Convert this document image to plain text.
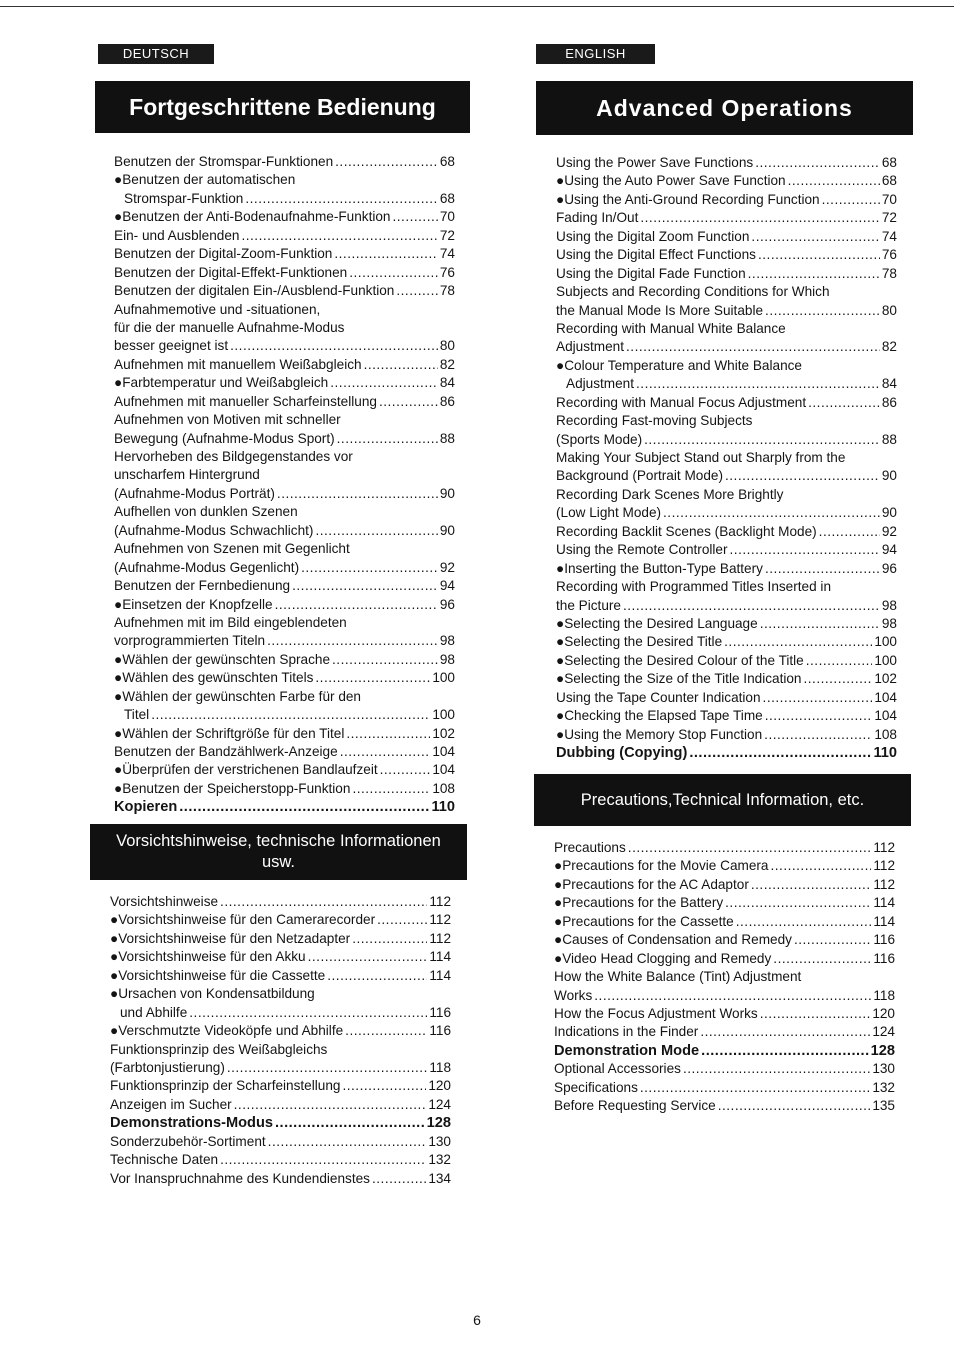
DEUTSCH
Fortgeschrittene Bedienung
Benutzen der Stromspar-Funktionen .....	68
●Benutzen der automatischen
Stromspar-Funktion .....	68
●Benutzen der Anti-Bodenaufnahme-Funktion .....	70
Ein- und Ausblenden .....	72
Benutzen der Digital-Zoom-Funktion .....	74
Benutzen der Digital-Effekt-Funktionen .....	76
Benutzen der digitalen Ein-/Ausblend-Funktion .....	78
Aufnahmemotive und -situationen,
für die der manuelle Aufnahme-Modus
besser geeignet ist .....	80
Aufnehmen mit manuellem Weißabgleich .....	82
●Farbtemperatur und Weißabgleich .....	84
Aufnehmen mit manueller Scharfeinstellung .....	86
Aufnehmen von Motiven mit schneller
Bewegung (Aufnahme-Modus Sport) .....	88
Hervorheben des Bildgegenstandes vor
unscharfem Hintergrund
(Aufnahme-Modus Porträt) .....	90
Aufhellen von dunklen Szenen
(Aufnahme-Modus Schwachlicht) .....	90
Aufnehmen von Szenen mit Gegenlicht
(Aufnahme-Modus Gegenlicht) .....	92
Benutzen der Fernbedienung .....	94
●Einsetzen der Knopfzelle .....	96
Aufnehmen mit im Bild eingeblendeten
vorprogrammierten Titeln .....	98
●Wählen der gewünschten Sprache .....	98
●Wählen des gewünschten Titels .....	100
●Wählen der gewünschten Farbe für den
Titel .....	100
●Wählen der Schriftgröße für den Titel .....	102
Benutzen der Bandzählwerk-Anzeige .....	104
●Überprüfen der verstrichenen Bandlaufzeit .....	104
●Benutzen der Speicherstopp-Funktion .....	108
Kopieren .....	110
Vorsichtshinweise, technische Informationen usw.
Vorsichtshinweise .....	112
●Vorsichtshinweise für den Camerarecorder .....	112
●Vorsichtshinweise für den Netzadapter .....	112
●Vorsichtshinweise für den Akku .....	114
●Vorsichtshinweise für die Cassette .....	114
●Ursachen von Kondensatbildung
und Abhilfe .....	116
●Verschmutzte Videoköpfe und Abhilfe .....	116
Funktionsprinzip des Weißabgleichs
(Farbtonjustierung) .....	118
Funktionsprinzip der Scharfeinstellung .....	120
Anzeigen im Sucher .....	124
Demonstrations-Modus .....	128
Sonderzubehör-Sortiment .....	130
Technische Daten .....	132
Vor Inanspruchnahme des Kundendienstes .....	134
ENGLISH
Advanced Operations
Using the Power Save Functions .....	68
●Using the Auto Power Save Function .....	68
●Using the Anti-Ground Recording Function .....	70
Fading In/Out .....	72
Using the Digital Zoom Function .....	74
Using the Digital Effect Functions .....	76
Using the Digital Fade Function .....	78
Subjects and Recording Conditions for Which
the Manual Mode Is More Suitable .....	80
Recording with Manual White Balance
Adjustment .....	82
●Colour Temperature and White Balance
Adjustment .....	84
Recording with Manual Focus Adjustment .....	86
Recording Fast-moving Subjects
(Sports Mode) .....	88
Making Your Subject Stand out Sharply from the
Background (Portrait Mode) .....	90
Recording Dark Scenes More Brightly
(Low Light Mode) .....	90
Recording Backlit Scenes (Backlight Mode) .....	92
Using the Remote Controller .....	94
●Inserting the Button-Type Battery .....	96
Recording with Programmed Titles Inserted in
the Picture .....	98
●Selecting the Desired Language .....	98
●Selecting the Desired Title .....	100
●Selecting the Desired Colour of the Title .....	100
●Selecting the Size of the Title Indication .....	102
Using the Tape Counter Indication .....	104
●Checking the Elapsed Tape Time .....	104
●Using the Memory Stop Function .....	108
Dubbing (Copying) .....	110
Precautions,Technical Information, etc.
Precautions .....	112
●Precautions for the Movie Camera .....	112
●Precautions for the AC Adaptor .....	112
●Precautions for the Battery .....	114
●Precautions for the Cassette .....	114
●Causes of Condensation and Remedy .....	116
●Video Head Clogging and Remedy .....	116
How the White Balance (Tint) Adjustment
Works .....	118
How the Focus Adjustment Works .....	120
Indications in the Finder .....	124
Demonstration Mode .....	128
Optional Accessories .....	130
Specifications .....	132
Before Requesting Service .....	135
6
